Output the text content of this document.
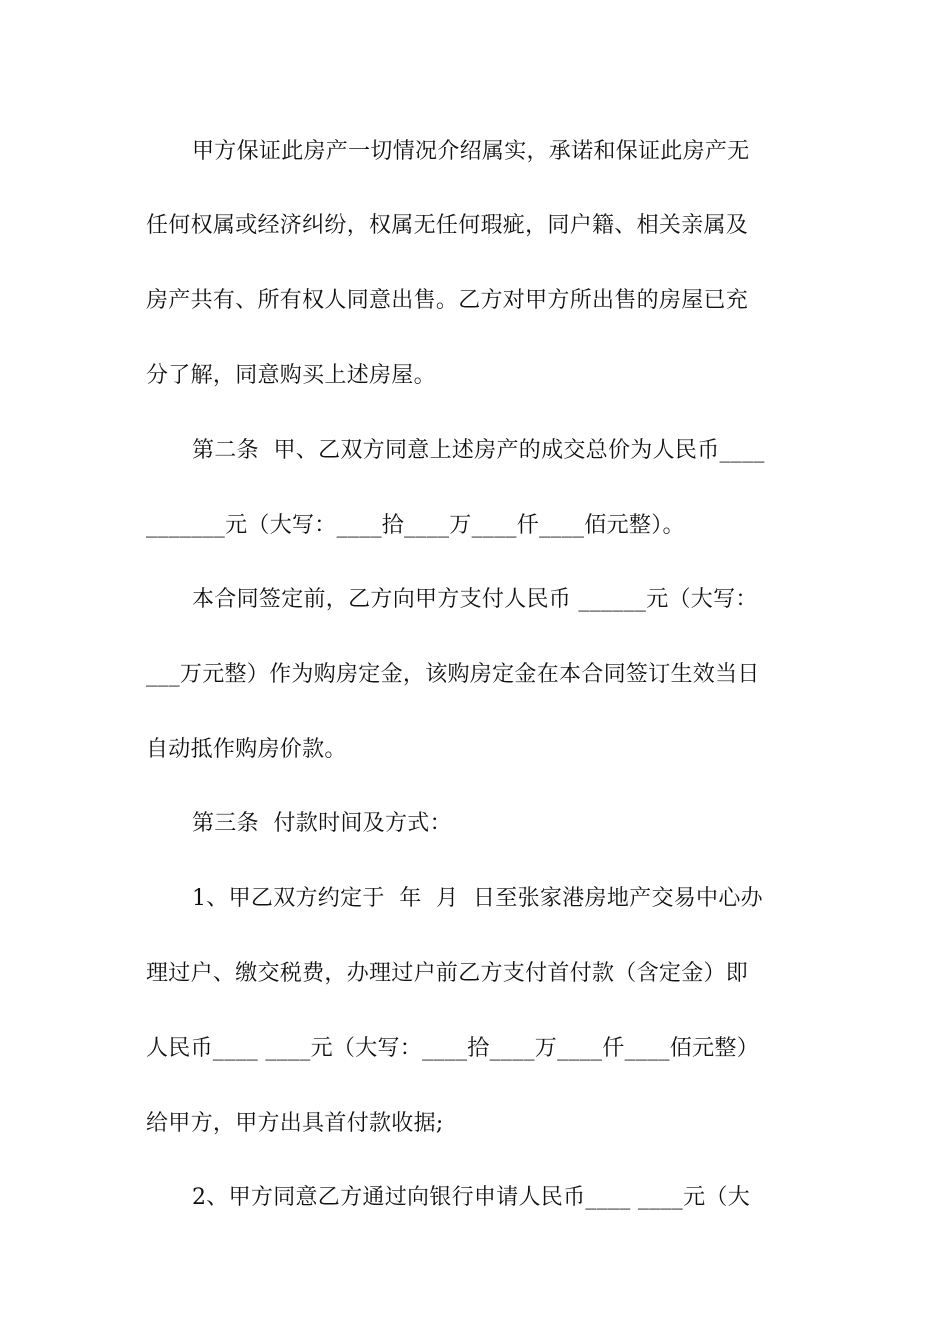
甲方保证此房产一切情况介绍属实，承诺和保证此房产无
任何权属或经济纠纷，权属无任何瑕疵，同户籍、相关亲属及
房产共有、所有权人同意出售。乙方对甲方所出售的房屋已充
分了解，同意购买上述房屋。
第二条  甲、乙双方同意上述房产的成交总价为人民币____
_______元（大写：____拾____万____仟____佰元整）。
本合同签定前，乙方向甲方支付人民币 ______元（大写：
___万元整）作为购房定金，该购房定金在本合同签订生效当日
自动抵作购房价款。
第三条  付款时间及方式：
1、甲乙双方约定于  年  月  日至张家港房地产交易中心办
理过户、缴交税费，办理过户前乙方支付首付款（含定金）即
人民币____ ____元（大写：____拾____万____仟____佰元整）
给甲方，甲方出具首付款收据;
2、甲方同意乙方通过向银行申请人民币____ ____元（大
